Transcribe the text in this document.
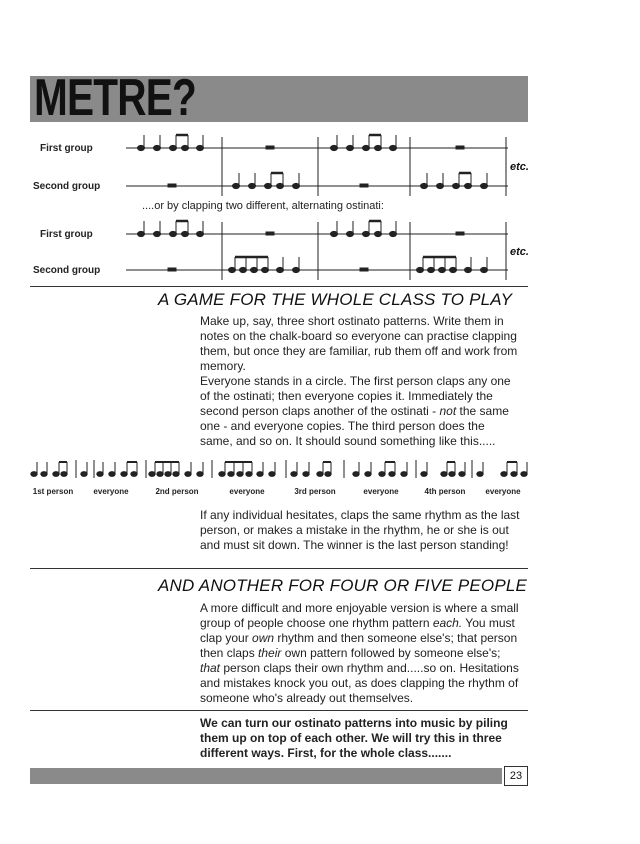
METRE?
First group
Second group
etc.
....or by clapping two different, alternating ostinati:
First group
Second group
etc.
A GAME FOR THE WHOLE CLASS TO PLAY

Make up, say, three short ostinato patterns. Write them in notes on the chalk-board so everyone can practise clapping them, but once they are familiar, rub them off and work from memory.

Everyone stands in a circle. The first person claps any one of the ostinati; then everyone copies it. Immediately the second person claps another of the ostinati - not the same one - and everyone copies. The third person does the same, and so on. It should sound something like this.....

1st person	everyone	2nd person	everyone	3rd person	everyone	4th person	everyone
If any individual hesitates, claps the same rhythm as the last person, or makes a mistake in the rhythm, he or she is out and must sit down. The winner is the last person standing!
AND ANOTHER FOR FOUR OR FIVE PEOPLE
A more difficult and more enjoyable version is where a small group of people choose one rhythm pattern each. You must clap your own rhythm and then someone else's; that person then claps their own pattern followed by someone else's; that person claps their own rhythm and.....so on. Hesitations and mistakes knock you out, as does clapping the rhythm of someone who's already out themselves.
We can turn our ostinato patterns into music by piling them up on top of each other. We will try this in three different ways. First, for the whole class.......
23
